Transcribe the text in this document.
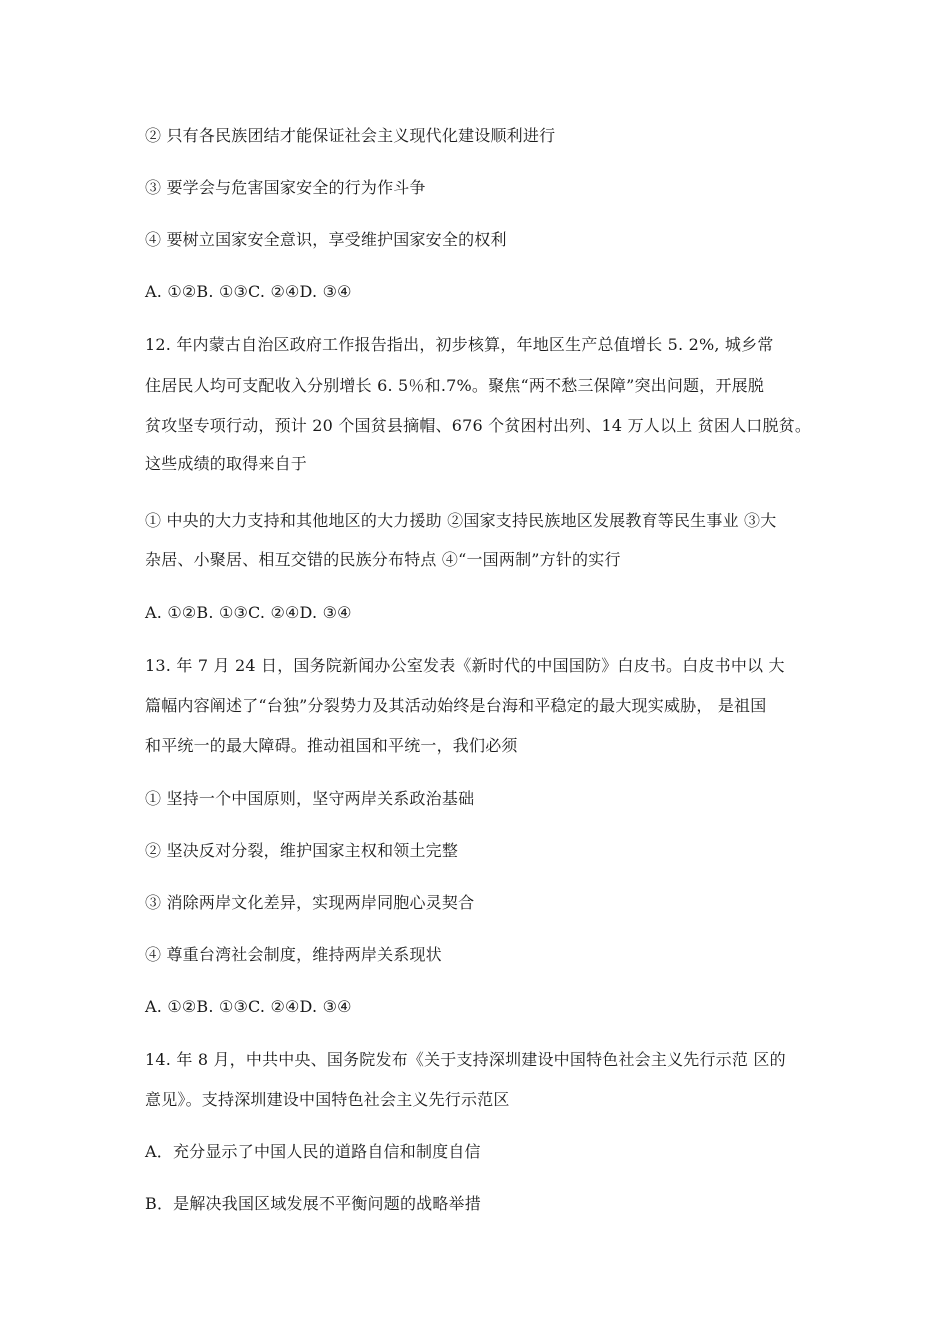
② 只有各民族团结才能保证社会主义现代化建设顺利进行
③ 要学会与危害国家安全的行为作斗争
④ 要树立国家安全意识，享受维护国家安全的权利
A. ①②B. ①③C. ②④D. ③④
12. 年内蒙古自治区政府工作报告指出，初步核算，年地区生产总值增长 5. 2%, 城乡常
住居民人均可支配收入分别增长 6. 5％和.7%。聚焦“两不愁三保障”突出问题，开展脱
贫攻坚专项行动，预计 20 个国贫县摘帽、676 个贫困村出列、14 万人以上 贫困人口脱贫。
这些成绩的取得来自于
① 中央的大力支持和其他地区的大力援助 ②国家支持民族地区发展教育等民生事业 ③大
杂居、小聚居、相互交错的民族分布特点 ④“一国两制”方针的实行
A. ①②B. ①③C. ②④D. ③④
13. 年 7 月 24 日，国务院新闻办公室发表《新时代的中国国防》白皮书。白皮书中以 大
篇幅内容阐述了“台独”分裂势力及其活动始终是台海和平稳定的最大现实威胁， 是祖国
和平统一的最大障碍。推动祖国和平统一，我们必须
① 坚持一个中国原则，坚守两岸关系政治基础
② 坚决反对分裂，维护国家主权和领土完整
③ 消除两岸文化差异，实现两岸同胞心灵契合
④ 尊重台湾社会制度，维持两岸关系现状
A. ①②B. ①③C. ②④D. ③④
14. 年 8 月，中共中央、国务院发布《关于支持深圳建设中国特色社会主义先行示范 区的
意见》。支持深圳建设中国特色社会主义先行示范区
A．充分显示了中国人民的道路自信和制度自信
B．是解决我国区域发展不平衡问题的战略举措
